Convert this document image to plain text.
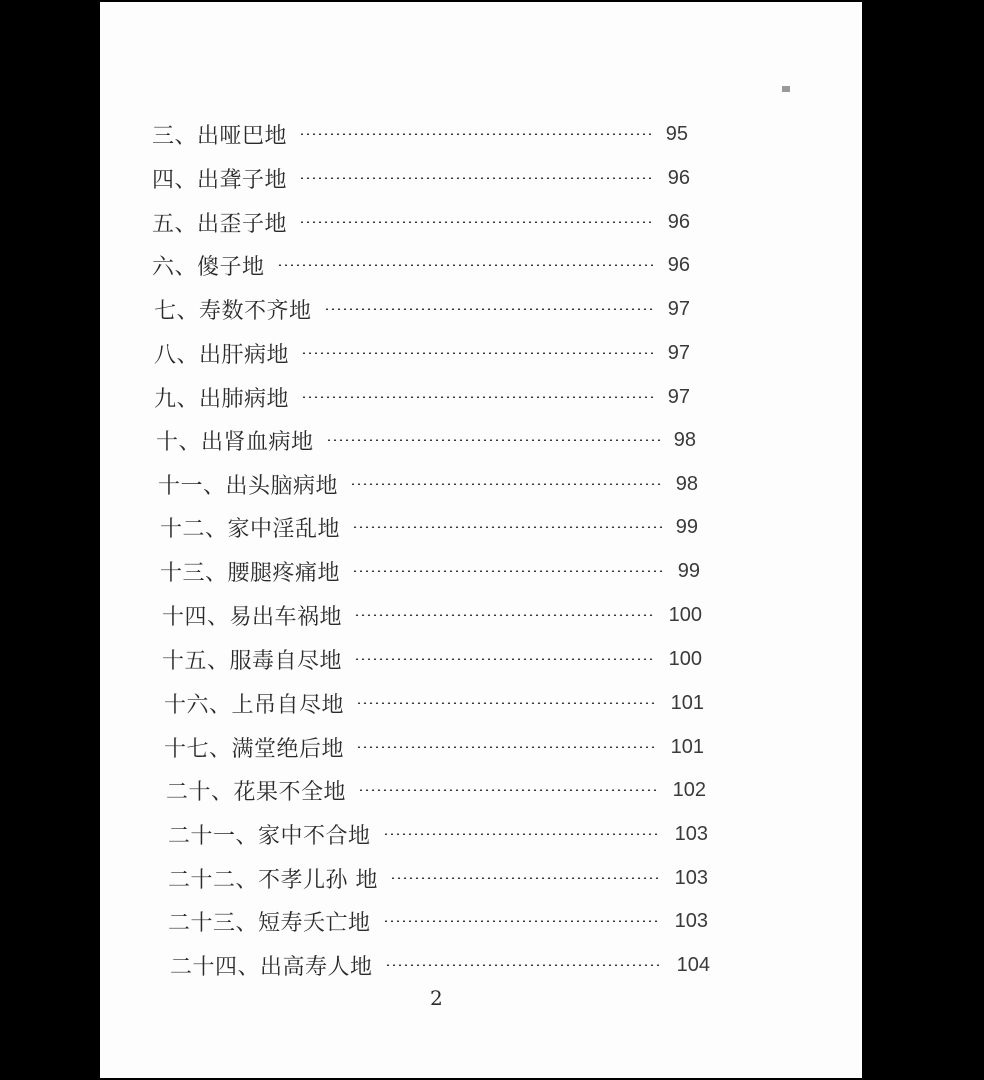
三、出哑巴地	95
四、出聋子地	96
五、出歪子地	96
六、傻子地	96
七、寿数不齐地	97
八、出肝病地	97
九、出肺病地	97
十、出肾血病地	98
十一、出头脑病地	98
十二、家中淫乱地	99
十三、腰腿疼痛地	99
十四、易出车祸地	100
十五、服毒自尽地	100
十六、上吊自尽地	101
十七、满堂绝后地	101
二十、花果不全地	102
二十一、家中不合地	103
二十二、不孝儿孙 地	103
二十三、短寿夭亡地	103
二十四、出高寿人地	104
2
